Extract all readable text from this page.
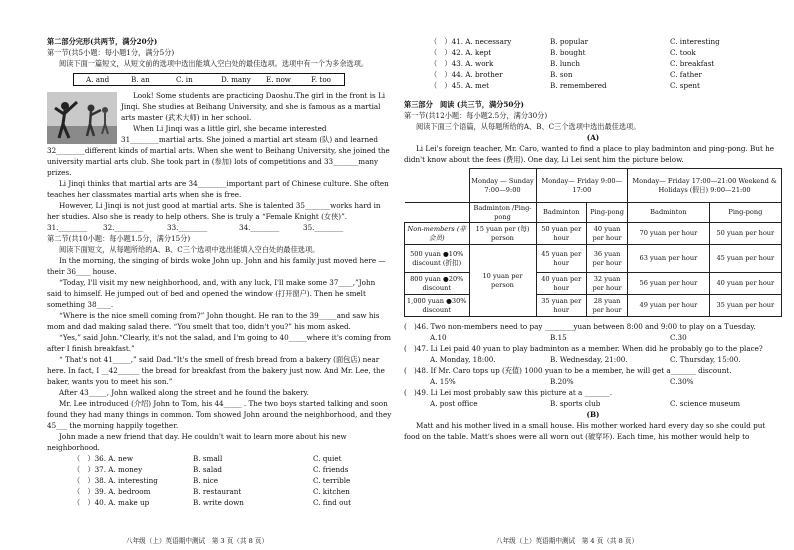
第二部分完形(共两节，满分20分)

第一节(共5小题：每小题1分，满分5分)

阅读下面一篇短文，从短文前的选项中选出能填入空白处的最佳选项。选项中有一个为多余选项。

A. and	B. an	C. in	D. many	E. now	F. too

Look! Some students are practicing Daoshu.The girl in the front is Li Jinqi. She studies at Beihang University, and she is famous as a martial arts master (武术大师) in her school.

When Li Jinqi was a little girl, she became interested 31________martial arts. She joined a martial art steam (队) and learned 32________different kinds of martial arts. When she went to Beihang University, she joined the university martial arts club. She took part in (参加) lots of competitions and 33_______many prizes.

Li Jinqi thinks that martial arts are 34________important part of Chinese culture. She often teaches her classmates martial arts when she is free.

However, Li Jinqi is not just good at martial arts. She is talented 35_______works hard in her studies. Also she is ready to help others. She is truly a “Female Knight (女侠)”.

31.________	32.________	33.________	34.________	35.________

第二节(共10小题：每小题1.5分，满分15分)

阅读下面短文，从每题所给的A、B、C三个选项中选出能填入空白处的最佳选项。

In the morning, the singing of birds woke John up. John and his family just moved here — their 36____ house.

“Today, I'll visit my new neighborhood, and, with any luck, I'll make some 37____,”John said to himself. He jumped out of bed and opened the window (打开窗户). Then he smelt something 38____.

“Where is the nice smell coming from?” John thought. He ran to the 39_____and saw his mom and dad making salad there. “You smelt that too, didn't you?” his mom asked.

“Yes,” said John.“Clearly, it's not the salad, and I'm going to 40_____where it's coming from after I finish breakfast.”

“ That's not 41_____,” said Dad.“It's the smell of fresh bread from a bakery (面包店) near here. In fact, I __42______ the bread for breakfast from the bakery just now. And Mr. Lee, the baker, wants you to meet his son.”

After 43_____, John walked along the street and he found the bakery.

Mr. Lee introduced (介绍) John to Tom, his 44_____ . The two boys started talking and soon found they had many things in common. Tom showed John around the neighborhood, and they 45___ the morning happily together.

John made a new friend that day. He couldn't wait to learn more about his new neighborhood.

（　）36. A. new	B. small	C. quiet
（　）37. A. money	B. salad	C. friends
（　）38. A. interesting	B. nice	C. terrible
（　）39. A. bedroom	B. restaurant	C. kitchen
（　）40. A. make up	B. write down	C. find out
八年级（上）英语期中测试　第 3 页（共 8 页）
（　）41. A. necessary	B. popular	C. interesting
（　）42. A. kept	B. bought	C. took
（　）43. A. work	B. lunch	C. breakfast
（　）44. A. brother	B. son	C. father
（　）45. A. met	B. remembered	C. spent

第三部分　阅读 (共三节，满分50分)

第一节(共12小题：每小题2.5分，满分30分)

阅读下面三个语篇，从每题所给的A、B、C三个选项中选出最佳选项。

(A)

Li Lei's foreign teacher, Mr. Caro, wanted to find a place to play badminton and ping-pong. But he didn't know about the fees (费用). One day, Li Lei sent him the picture below.

	Monday — Sunday 7:00—9:00	Monday— Friday 9:00— 17:00		Monday— Friday 17:00—21:00 Weekend & Holidays (假日) 9:00—21:00	
	Badminton /Ping-pong	Badminton	Ping-pong	Badminton	Ping-pong
Non-members (非会员)	15 yuan per (每) person	50 yuan per hour	40 yuan per hour	70 yuan per hour	50 yuan per hour
500 yuan ●10% discount (折扣)	10 yuan per person	45 yuan per hour	36 yuan per hour	63 yuan per hour	45 yuan per hour
800 yuan ●20% discount		40 yuan per hour	32 yuan per hour	56 yuan per hour	40 yuan per hour
1,000 yuan ●30% discount		35 yuan per hour	28 yuan per hour	49 yuan per hour	35 yuan per hour

(　)46. Two non-members need to pay ________yuan between 8:00 and 9:00 to play on a Tuesday.

A.10	B.15	C.30

(　)47. Li Lei paid 40 yuan to play badminton as a member. When did he probably go to the place?

A. Monday, 18:00.	B. Wednesday, 21:00.	C. Thursday, 15:00.

(　)48. If Mr. Caro tops up (充值) 1000 yuan to be a member, he will get a_______ discount.

A. 15%	B.20%	C.30%

(　)49. Li Lei most probably saw this picture at a _______.

A. post office	B. sports club	C. science museum

(B)

Matt and his mother lived in a small house. His mother worked hard every day so she could put food on the table. Matt's shoes were all worn out (破穿坏). Each time, his mother would help to

八年级（上）英语期中测试　第 4 页（共 8 页）
